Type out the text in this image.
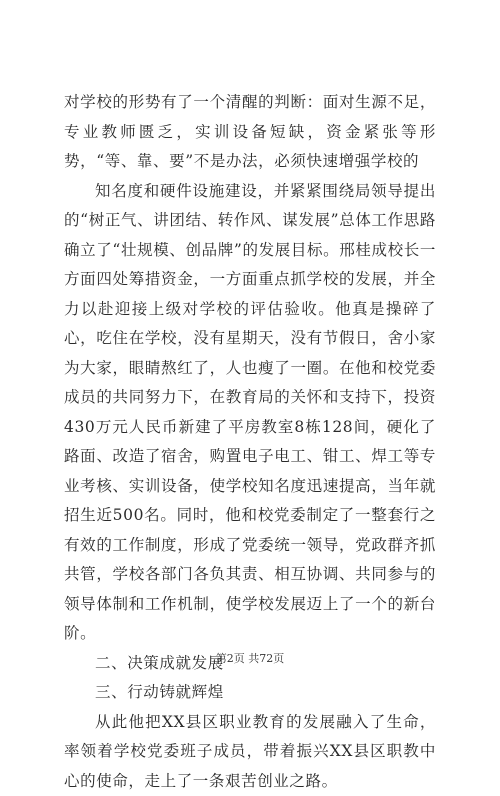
对学校的形势有了一个清醒的判断：面对生源不足，专业教师匮乏，实训设备短缺，资金紧张等形势，“等、靠、要”不是办法，必须快速增强学校的

知名度和硬件设施建设，并紧紧围绕局领导提出的“树正气、讲团结、转作风、谋发展”总体工作思路确立了“壮规模、创品牌”的发展目标。邢桂成校长一方面四处筹措资金，一方面重点抓学校的发展，并全力以赴迎接上级对学校的评估验收。他真是操碎了心，吃住在学校，没有星期天，没有节假日，舍小家为大家，眼睛熬红了，人也瘦了一圈。在他和校党委成员的共同努力下，在教育局的关怀和支持下，投资430万元人民币新建了平房教室8栋128间，硬化了路面、改造了宿舍，购置电子电工、钳工、焊工等专业考核、实训设备，使学校知名度迅速提高，当年就招生近500名。同时，他和校党委制定了一整套行之有效的工作制度，形成了党委统一领导，党政群齐抓共管，学校各部门各负其责、相互协调、共同参与的领导体制和工作机制，使学校发展迈上了一个的新台阶。

二、决策成就发展

三、行动铸就辉煌

从此他把XX县区职业教育的发展融入了生命，率领着学校党委班子成员，带着振兴XX县区职教中心的使命，走上了一条艰苦创业之路。

第2页 共72页
